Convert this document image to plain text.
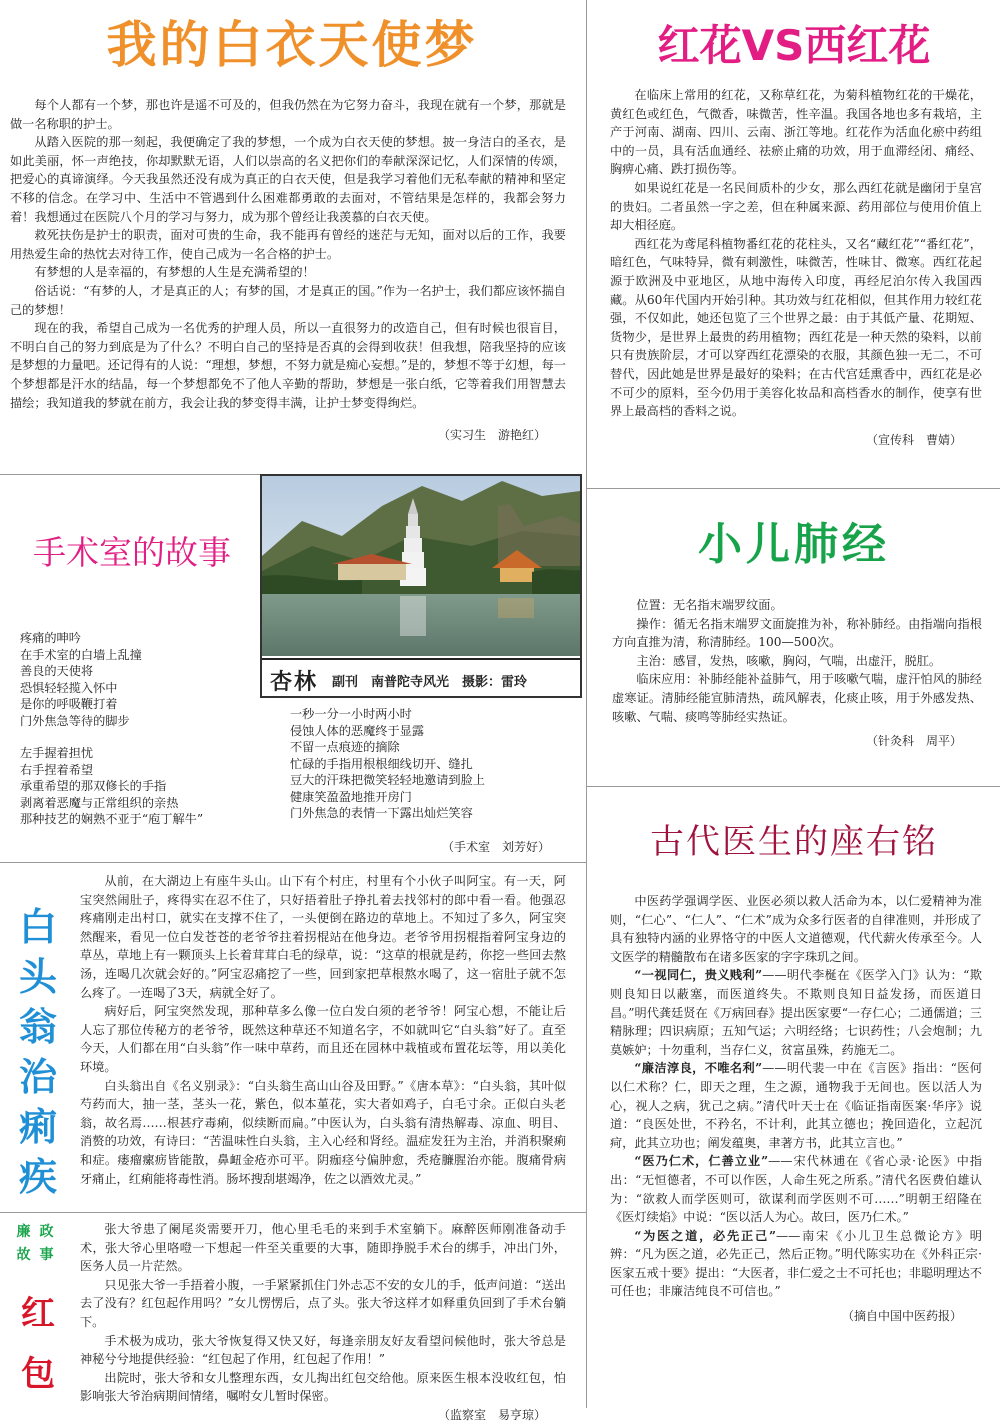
我的白衣天使梦

每个人都有一个梦，那也许是遥不可及的，但我仍然在为它努力奋斗，我现在就有一个梦，那就是做一名称职的护士。

从踏入医院的那一刻起，我便确定了我的梦想，一个成为白衣天使的梦想。披一身洁白的圣衣，是如此美丽，怀一声绝技，你却默默无语，人们以崇高的名义把你们的奉献深深记忆，人们深情的传颂，把爱心的真谛演绎。今天我虽然还没有成为真正的白衣天使，但是我学习着他们无私奉献的精神和坚定不移的信念。在学习中、生活中不管遇到什么困难都勇敢的去面对，不管结果是怎样的，我都会努力着！我想通过在医院八个月的学习与努力，成为那个曾经让我羡慕的白衣天使。

救死扶伤是护士的职责，面对可贵的生命，我不能再有曾经的迷茫与无知，面对以后的工作，我要用热爱生命的热忱去对待工作，使自己成为一名合格的护士。

有梦想的人是幸福的，有梦想的人生是充满希望的！

俗话说：“有梦的人，才是真正的人；有梦的国，才是真正的国。”作为一名护士，我们都应该怀揣自己的梦想！

现在的我，希望自己成为一名优秀的护理人员，所以一直很努力的改造自己，但有时候也很盲目，不明白自己的努力到底是为了什么？不明白自己的坚持是否真的会得到收获！但我想，陪我坚持的应该是梦想的力量吧。还记得有的人说：“理想，梦想，不努力就是痴心妄想。”是的，梦想不等于幻想，每一个梦想都是汗水的结晶，每一个梦想都免不了他人辛勤的帮助，梦想是一张白纸，它等着我们用智慧去描绘；我知道我的梦就在前方，我会让我的梦变得丰满，让护士梦变得绚烂。

（实习生　游艳红）
红花VS西红花

在临床上常用的红花，又称草红花，为菊科植物红花的干燥花，黄红色或红色，气微香，味微苦，性辛温。我国各地也多有栽培，主产于河南、湖南、四川、云南、浙江等地。红花作为活血化瘀中药组中的一员，具有活血通经、祛瘀止痛的功效，用于血滞经闭、痛经、胸痹心痛、跌打损伤等。

如果说红花是一名民间质朴的少女，那么西红花就是幽闭于皇宫的贵妇。二者虽然一字之差，但在种属来源、药用部位与使用价值上却大相径庭。

西红花为鸢尾科植物番红花的花柱头，又名“藏红花”“番红花”，暗红色，气味特异，微有刺激性，味微苦，性味甘、微寒。西红花起源于欧洲及中亚地区，从地中海传入印度，再经尼泊尔传入我国西藏。从60年代国内开始引种。其功效与红花相似，但其作用力较红花强，不仅如此，她还包览了三个世界之最：由于其低产量、花期短、货物少，是世界上最贵的药用植物；西红花是一种天然的染料，以前只有贵族阶层，才可以穿西红花漂染的衣服，其颜色独一无二，不可替代，因此她是世界是最好的染料；在古代宫廷熏香中，西红花是必不可少的原料，至今仍用于美容化妆品和高档香水的制作，使享有世界上最高档的香料之说。

（宣传科　曹婧）
杏林 副刊　南普陀寺风光　摄影：雷玲
手术室的故事
疼痛的呻吟
在手术室的白墙上乱撞
善良的天使将
恐惧轻轻揽入怀中
是你的呼吸鞭打着
门外焦急等待的脚步
左手握着担忧
右手捏着希望
承重希望的那双修长的手指
剥离着恶魔与正常组织的亲热
那种技艺的娴熟不亚于“庖丁解牛”
一秒一分一小时两小时
侵蚀人体的恶魔终于显露
不留一点痕迹的摘除
忙碌的手指用根根细线切开、缝扎
豆大的汗珠把微笑轻轻地邀请到脸上
健康笑盈盈地推开房门
门外焦急的表情一下露出灿烂笑容
（手术室　刘芳好）
小儿肺经

位置：无名指末端罗纹面。

操作：循无名指末端罗文面旋推为补，称补肺经。由指端向指根方向直推为清，称清肺经。100—500次。

主治：感冒，发热，咳嗽，胸闷，气喘，出虚汗，脱肛。

临床应用：补肺经能补益肺气，用于咳嗽气喘，虚汗怕风的肺经虚寒证。清肺经能宣肺清热，疏风解表，化痰止咳，用于外感发热、咳嗽、气喘、痰鸣等肺经实热证。

（针灸科　周平）
白头翁治痢疾

从前，在大湖边上有座牛头山。山下有个村庄，村里有个小伙子叫阿宝。有一天，阿宝突然闹肚子，疼得实在忍不住了，只好捂着肚子挣扎着去找邻村的郎中看一看。他强忍疼痛刚走出村口，就实在支撑不住了，一头便倒在路边的草地上。不知过了多久，阿宝突然醒来，看见一位白发苍苍的老爷爷拄着拐棍站在他身边。老爷爷用拐棍指着阿宝身边的草丛，草地上有一颗顶头上长着茸茸白毛的绿草，说：“这草的根就是药，你挖一些回去熬汤，连喝几次就会好的。”阿宝忍痛挖了一些，回到家把草根熬水喝了，这一宿肚子就不怎么疼了。一连喝了3天，病就全好了。

病好后，阿宝突然发现，那种草多么像一位白发白须的老爷爷！阿宝心想，不能让后人忘了那位传秘方的老爷爷，既然这种草还不知道名字，不如就叫它“白头翁”好了。直至今天，人们都在用“白头翁”作一味中草药，而且还在园林中栽植或布置花坛等，用以美化环境。

白头翁出自《名义别录》：“白头翁生高山山谷及田野。”《唐本草》：“白头翁，其叶似芍药而大，抽一茎，茎头一花，紫色，似本堇花，实大者如鸡子，白毛寸余。正似白头老翁，故名焉……根甚疗毒痢，似续断而扁。”中医认为，白头翁有清热解毒、凉血、明目、消赘的功效，有诗曰：“苦温味性白头翁，主入心经和肾经。温症发狂为主治，并消积聚痢和症。瘘瘤瘰疬皆能散，鼻衄金疮亦可平。阴痂痉兮偏肿愈，秃疮臁腥治亦能。腹痛骨病牙痛止，红痢能将毒性消。肠坏搜刮堪竭净，佐之以酒效尤灵。”

廉 政
故 事
红
包

张大爷患了阑尾炎需要开刀，他心里毛毛的来到手术室躺下。麻醉医师刚准备动手术，张大爷心里咯噔一下想起一件至关重要的大事，随即挣脱手术台的绑手，冲出门外，医务人员一片茫然。

只见张大爷一手捂着小腹，一手紧紧抓住门外忐忑不安的女儿的手，低声问道：“送出去了没有？红包起作用吗？”女儿愣愣后，点了头。张大爷这样才如释重负回到了手术台躺下。

手术极为成功，张大爷恢复得又快又好，每逢亲朋友好友看望问候他时，张大爷总是神秘兮兮地提供经验：“红包起了作用，红包起了作用！”

出院时，张大爷和女儿整理东西，女儿掏出红包交给他。原来医生根本没收红包，怕影响张大爷治病期间情绪，嘱咐女儿暂时保密。

（监察室　易亨琼）
古代医生的座右铭

中医药学强调学医、业医必须以救人活命为本，以仁爱精神为准则，“仁心”、“仁人”、“仁术”成为众多行医者的自律准则，并形成了具有独特内涵的业界恪守的中医人文道德观，代代薪火传承至今。人文医学的精髓散布在诸多医家的字字珠玑之间。

“一视同仁，贵义贱利”——明代李梴在《医学入门》认为：“欺则良知日以蔽塞，而医道终失。不欺则良知日益发扬，而医道日昌。”明代龚廷贤在《万病回春》提出医家要“一存仁心；二通儒道；三精脉理；四识病原；五知气运；六明经络；七识药性；八会炮制；九莫嫉妒；十勿重利，当存仁义，贫富虽殊，药施无二。

“廉洁淳良，不唯名利”——明代裴一中在《言医》指出：“医何以仁术称？仁，即天之理，生之源，通物我于无间也。医以活人为心，视人之病，犹己之病。”清代叶天士在《临证指南医案·华序》说道：“良医处世，不矜名，不计利，此其立德也；挽回造化，立起沉疴，此其立功也；阐发蕴奥，聿著方书，此其立言也。”

“医乃仁术，仁善立业”——宋代林逋在《省心录·论医》中指出：“无恒德者，不可以作医，人命生死之所系。”清代名医费伯雄认为：“欲救人而学医则可，欲谋利而学医则不可……”明朝王绍隆在《医灯续焰》中说：“医以活人为心。故曰，医乃仁术。”

“为医之道，必先正己”——南宋《小儿卫生总微论方》明辨：“凡为医之道，必先正己，然后正物。”明代陈实功在《外科正宗·医家五戒十要》提出：“大医者，非仁爱之士不可托也；非聪明理达不可任也；非廉洁纯良不可信也。”

（摘自中国中医药报）
